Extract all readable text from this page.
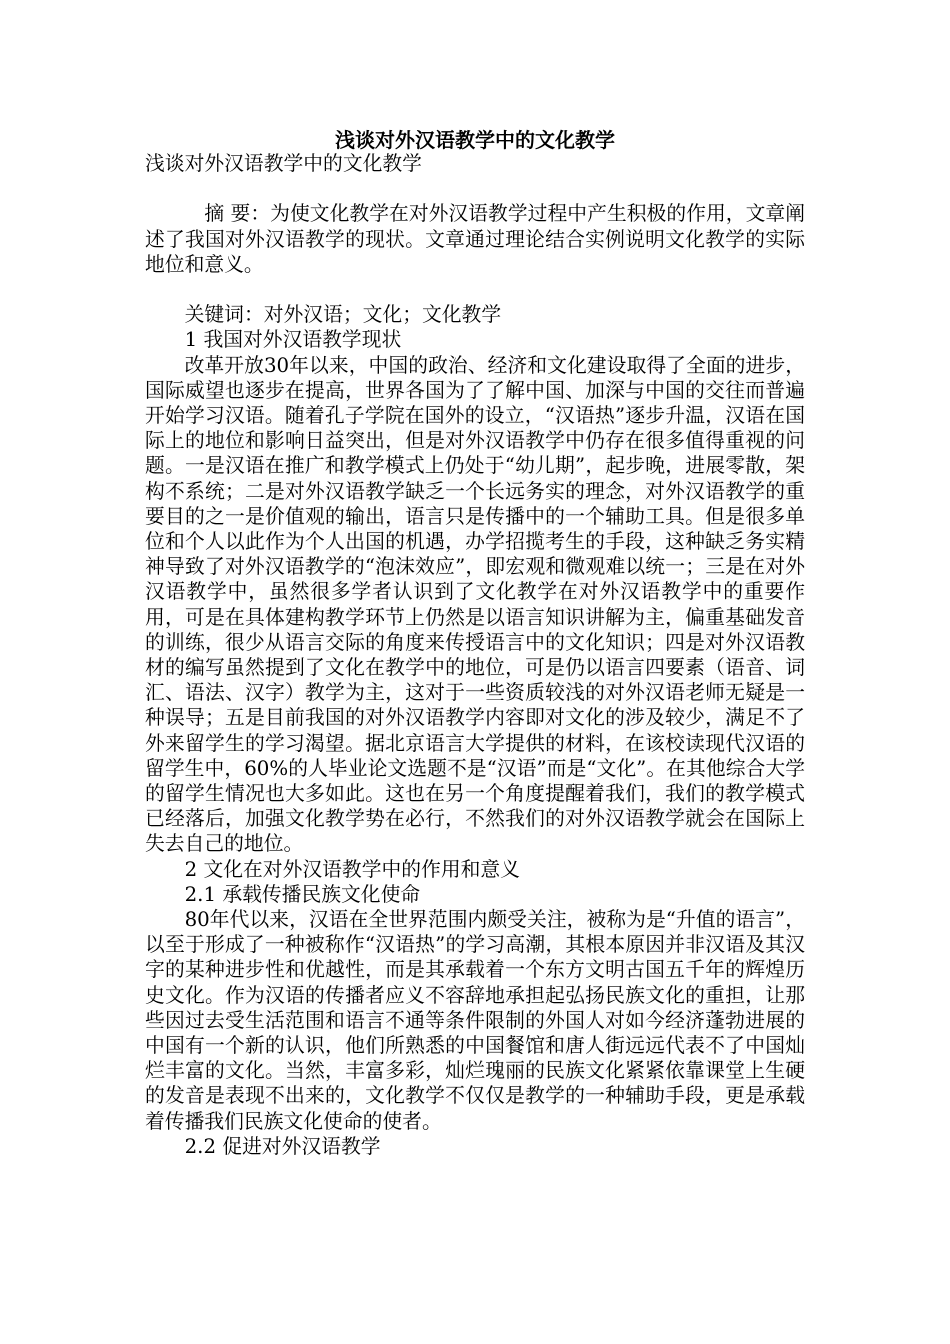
浅谈对外汉语教学中的文化教学

浅谈对外汉语教学中的文化教学

摘 要：为使文化教学在对外汉语教学过程中产生积极的作用，文章阐述了我国对外汉语教学的现状。文章通过理论结合实例说明文化教学的实际地位和意义。

关键词：对外汉语；文化；文化教学

1 我国对外汉语教学现状

改革开放30年以来，中国的政治、经济和文化建设取得了全面的进步，国际威望也逐步在提高，世界各国为了了解中国、加深与中国的交往而普遍开始学习汉语。随着孔子学院在国外的设立，“汉语热”逐步升温，汉语在国际上的地位和影响日益突出，但是对外汉语教学中仍存在很多值得重视的问题。一是汉语在推广和教学模式上仍处于“幼儿期”，起步晚，进展零散，架构不系统；二是对外汉语教学缺乏一个长远务实的理念，对外汉语教学的重要目的之一是价值观的输出，语言只是传播中的一个辅助工具。但是很多单位和个人以此作为个人出国的机遇，办学招揽考生的手段，这种缺乏务实精神导致了对外汉语教学的“泡沫效应”，即宏观和微观难以统一；三是在对外汉语教学中，虽然很多学者认识到了文化教学在对外汉语教学中的重要作用，可是在具体建构教学环节上仍然是以语言知识讲解为主，偏重基础发音的训练，很少从语言交际的角度来传授语言中的文化知识；四是对外汉语教材的编写虽然提到了文化在教学中的地位，可是仍以语言四要素（语音、词汇、语法、汉字）教学为主，这对于一些资质较浅的对外汉语老师无疑是一种误导；五是目前我国的对外汉语教学内容即对文化的涉及较少，满足不了外来留学生的学习渴望。据北京语言大学提供的材料，在该校读现代汉语的留学生中，60%的人毕业论文选题不是“汉语”而是“文化”。在其他综合大学的留学生情况也大多如此。这也在另一个角度提醒着我们，我们的教学模式已经落后，加强文化教学势在必行，不然我们的对外汉语教学就会在国际上失去自己的地位。

2 文化在对外汉语教学中的作用和意义

2.1 承载传播民族文化使命

80年代以来，汉语在全世界范围内颇受关注，被称为是“升值的语言”，以至于形成了一种被称作“汉语热”的学习高潮，其根本原因并非汉语及其汉字的某种进步性和优越性，而是其承载着一个东方文明古国五千年的辉煌历史文化。作为汉语的传播者应义不容辞地承担起弘扬民族文化的重担，让那些因过去受生活范围和语言不通等条件限制的外国人对如今经济蓬勃进展的中国有一个新的认识，他们所熟悉的中国餐馆和唐人街远远代表不了中国灿烂丰富的文化。当然，丰富多彩，灿烂瑰丽的民族文化紧紧依靠课堂上生硬的发音是表现不出来的，文化教学不仅仅是教学的一种辅助手段，更是承载着传播我们民族文化使命的使者。

2.2 促进对外汉语教学
